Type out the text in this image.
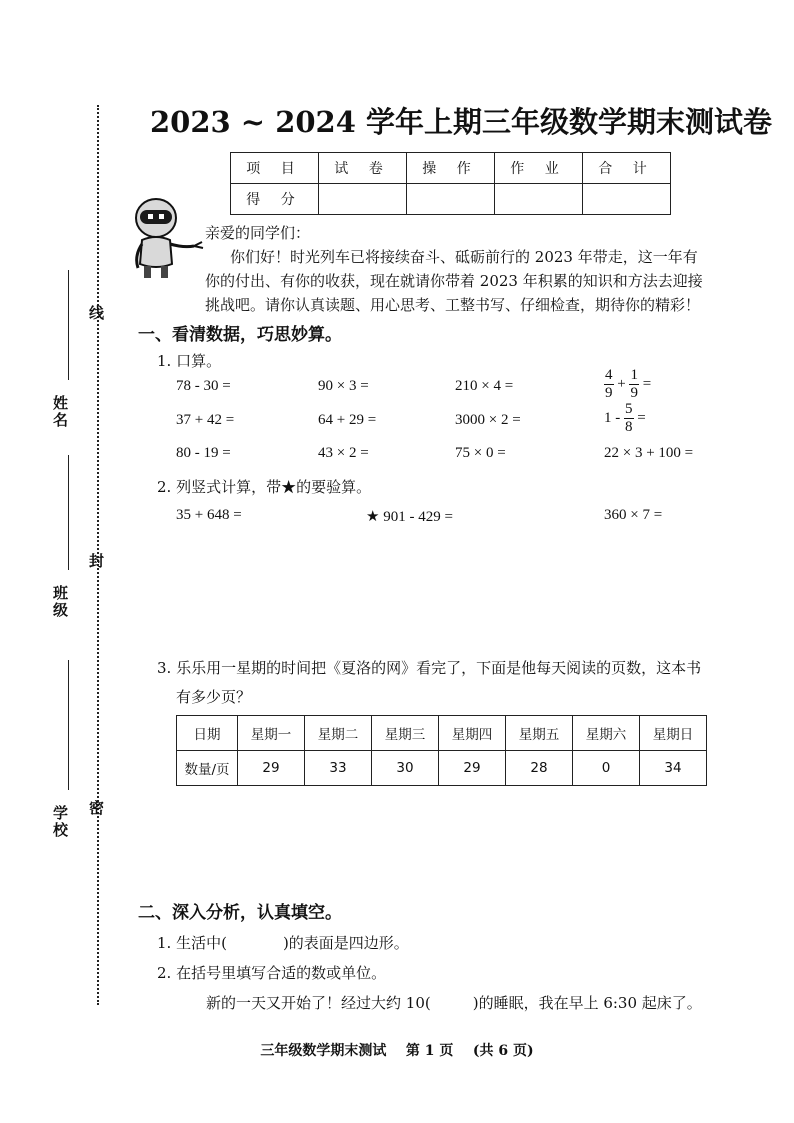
线
封
密
姓名
班级
学校
2023 ~ 2024 学年上期三年级数学期末测试卷
项 目	试 卷	操 作	作 业	合 计
得 分				
亲爱的同学们：
你们好！时光列车已将接续奋斗、砥砺前行的 2023 年带走，这一年有
你的付出、有你的收获，现在就请你带着 2023 年积累的知识和方法去迎接
挑战吧。请你认真读题、用心思考、工整书写、仔细检查，期待你的精彩！
一、看清数据，巧思妙算。
1. 口算。
78 - 30 =	90 × 3 =	210 × 4 =	$\frac{4}{9} + \frac{1}{9}$ =
37 + 42 =	64 + 29 =	3000 × 2 =	$1 - \frac{5}{8}$ =
80 - 19 =	43 × 2 =	75 × 0 =	22 × 3 + 100 =
2. 列竖式计算，带★的要验算。
35 + 648 =	★ 901 - 429 =	360 × 7 =
3. 乐乐用一星期的时间把《夏洛的网》看完了，下面是他每天阅读的页数，这本书
有多少页？
日期	星期一	星期二	星期三	星期四	星期五	星期六	星期日
数量/页	29	33	30	29	28	0	34
二、深入分析，认真填空。
1. 生活中(	)的表面是四边形。
2. 在括号里填写合适的数或单位。
新的一天又开始了！经过大约 10(	)的睡眠，我在早上 6:30 起床了。
三年级数学期末测试    第 1 页    (共 6 页)
